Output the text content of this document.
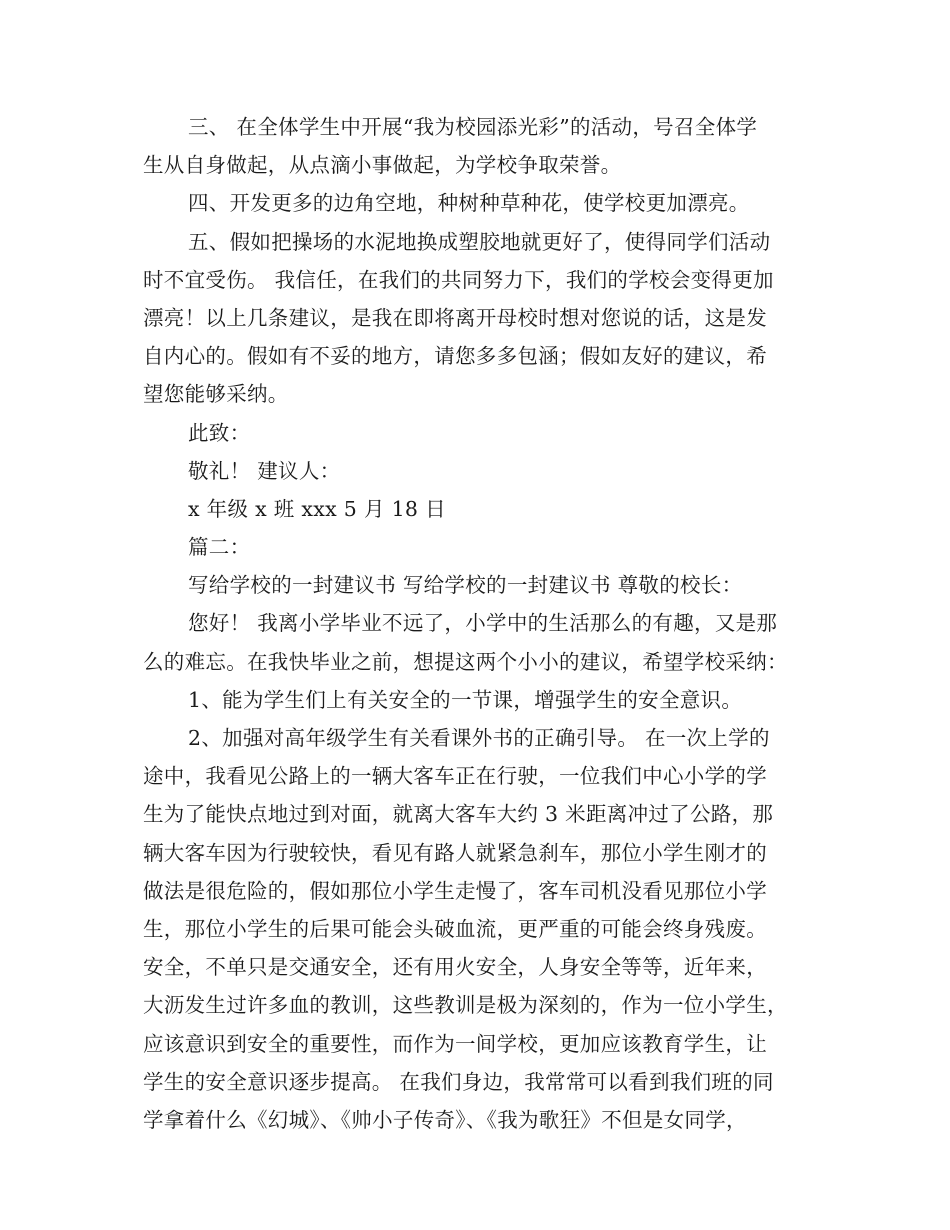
三、 在全体学生中开展“我为校园添光彩”的活动，号召全体学
生从自身做起，从点滴小事做起，为学校争取荣誉。
四、开发更多的边角空地，种树种草种花，使学校更加漂亮。
五、假如把操场的水泥地换成塑胶地就更好了，使得同学们活动
时不宜受伤。 我信任，在我们的共同努力下，我们的学校会变得更加
漂亮！以上几条建议，是我在即将离开母校时想对您说的话，这是发
自内心的。假如有不妥的地方，请您多多包涵；假如友好的建议，希
望您能够采纳。
此致：
敬礼！ 建议人：
x 年级 x 班 xxx 5 月 18 日
篇二：
写给学校的一封建议书 写给学校的一封建议书 尊敬的校长：
您好！ 我离小学毕业不远了，小学中的生活那么的有趣，又是那
么的难忘。在我快毕业之前，想提这两个小小的建议，希望学校采纳：
1、能为学生们上有关安全的一节课，增强学生的安全意识。
2、加强对高年级学生有关看课外书的正确引导。 在一次上学的
途中，我看见公路上的一辆大客车正在行驶，一位我们中心小学的学
生为了能快点地过到对面，就离大客车大约 3 米距离冲过了公路，那
辆大客车因为行驶较快，看见有路人就紧急刹车，那位小学生刚才的
做法是很危险的，假如那位小学生走慢了，客车司机没看见那位小学
生，那位小学生的后果可能会头破血流，更严重的可能会终身残废。
安全，不单只是交通安全，还有用火安全，人身安全等等，近年来，
大沥发生过许多血的教训，这些教训是极为深刻的，作为一位小学生，
应该意识到安全的重要性，而作为一间学校，更加应该教育学生，让
学生的安全意识逐步提高。 在我们身边，我常常可以看到我们班的同
学拿着什么《幻城》、《帅小子传奇》、《我为歌狂》不但是女同学，
